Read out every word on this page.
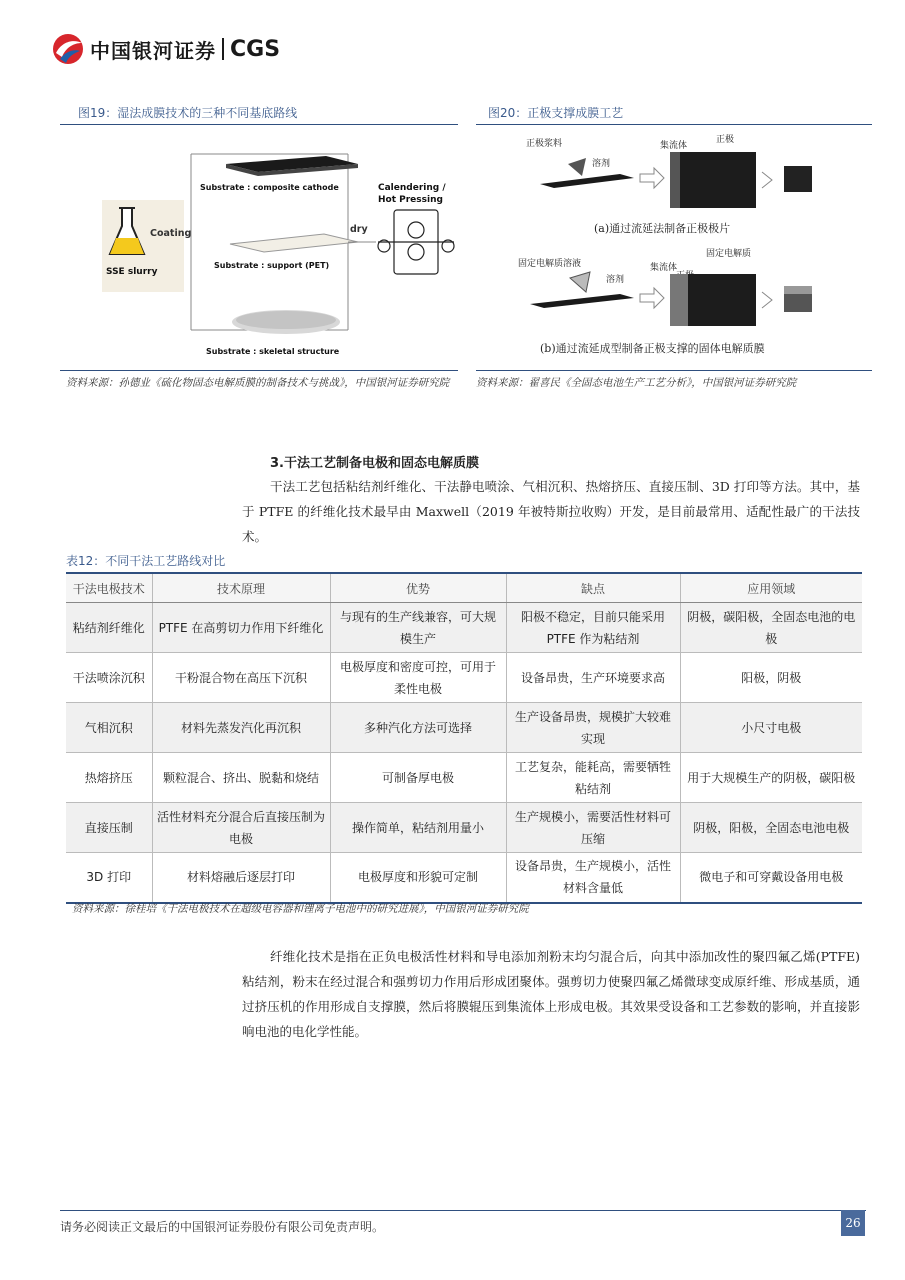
中国银河证券 CGS
图19：湿法成膜技术的三种不同基底路线
SSE slurry
Coating
Substrate : composite cathode
Substrate : support (PET)
Substrate : skeletal structure
dry
Calendering /
Hot Pressing
资料来源：孙德业《硫化物固态电解质膜的制备技术与挑战》，中国银河证券研究院
图20：正极支撑成膜工艺
正极浆料
溶剂
集流体
正极
(a)通过流延法制备正极极片
固定电解质溶液
溶剂
集流体
固定电解质
(b)通过流延成型制备正极支撑的固体电解质膜
资料来源：翟喜民《全固态电池生产工艺分析》，中国银河证券研究院
3.干法工艺制备电极和固态电解质膜
干法工艺包括粘结剂纤维化、干法静电喷涂、气相沉积、热熔挤压、直接压制、3D 打印等方法。其中，基于 PTFE 的纤维化技术最早由 Maxwell（2019 年被特斯拉收购）开发，是目前最常用、适配性最广的干法技术。
表12：不同干法工艺路线对比
干法电极技术	技术原理	优势	缺点	应用领域
粘结剂纤维化	PTFE 在高剪切力作用下纤维化	与现有的生产线兼容，可大规模生产	阳极不稳定，目前只能采用 PTFE 作为粘结剂	阴极，碳阳极，全固态电池的电极
干法喷涂沉积	干粉混合物在高压下沉积	电极厚度和密度可控，可用于柔性电极	设备昂贵，生产环境要求高	阳极，阴极
气相沉积	材料先蒸发汽化再沉积	多种汽化方法可选择	生产设备昂贵，规模扩大较难实现	小尺寸电极
热熔挤压	颗粒混合、挤出、脱黏和烧结	可制备厚电极	工艺复杂，能耗高，需要牺牲粘结剂	用于大规模生产的阴极，碳阳极
直接压制	活性材料充分混合后直接压制为电极	操作简单，粘结剂用量小	生产规模小，需要活性材料可压缩	阴极，阳极，全固态电池电极
3D 打印	材料熔融后逐层打印	电极厚度和形貌可定制	设备昂贵，生产规模小，活性材料含量低	微电子和可穿戴设备用电极
资料来源：徐桂培《干法电极技术在超级电容器和锂离子电池中的研究进展》，中国银河证券研究院
纤维化技术是指在正负电极活性材料和导电添加剂粉末均匀混合后，向其中添加改性的聚四氟乙烯(PTFE)粘结剂，粉末在经过混合和强剪切力作用后形成团聚体。强剪切力使聚四氟乙烯微球变成原纤维、形成基质，通过挤压机的作用形成自支撑膜，然后将膜辊压到集流体上形成电极。其效果受设备和工艺参数的影响，并直接影响电池的电化学性能。
请务必阅读正文最后的中国银河证券股份有限公司免责声明。	26
